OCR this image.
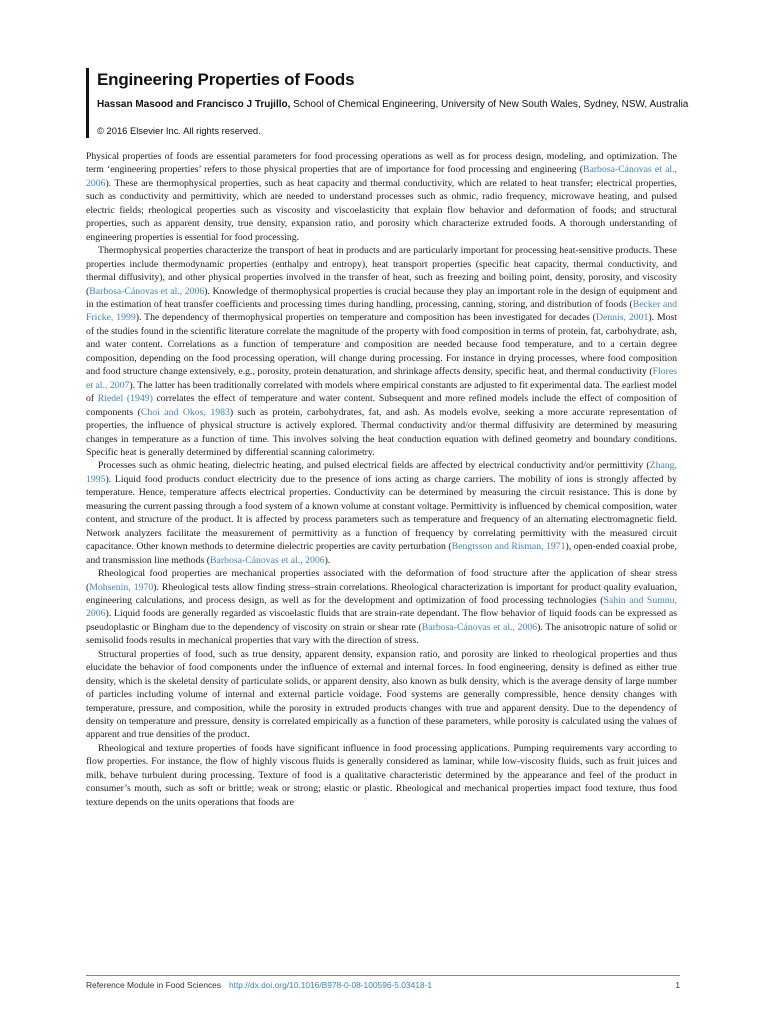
Engineering Properties of Foods
Hassan Masood and Francisco J Trujillo, School of Chemical Engineering, University of New South Wales, Sydney, NSW, Australia
© 2016 Elsevier Inc. All rights reserved.

Physical properties of foods are essential parameters for food processing operations as well as for process design, modeling, and optimization. The term ‘engineering properties’ refers to those physical properties that are of importance for food processing and engineering (Barbosa-Cánovas et al., 2006). These are thermophysical properties, such as heat capacity and thermal conductivity, which are related to heat transfer; electrical properties, such as conductivity and permittivity, which are needed to understand processes such as ohmic, radio frequency, microwave heating, and pulsed electric fields; rheological properties such as viscosity and viscoelasticity that explain flow behavior and deformation of foods; and structural properties, such as apparent density, true density, expansion ratio, and porosity which characterize extruded foods. A thorough understanding of engineering properties is essential for food processing.

Thermophysical properties characterize the transport of heat in products and are particularly important for processing heat-sensitive products. These properties include thermodynamic properties (enthalpy and entropy), heat transport properties (specific heat capacity, thermal conductivity, and thermal diffusivity), and other physical properties involved in the transfer of heat, such as freezing and boiling point, density, porosity, and viscosity (Barbosa-Cánovas et al., 2006). Knowledge of thermophysical properties is crucial because they play an important role in the design of equipment and in the estimation of heat transfer coefficients and processing times during handling, processing, canning, storing, and distribution of foods (Becker and Fricke, 1999). The dependency of thermophysical properties on temperature and composition has been investigated for decades (Dennis, 2001). Most of the studies found in the scientific literature correlate the magnitude of the property with food composition in terms of protein, fat, carbohydrate, ash, and water content. Correlations as a function of temperature and composition are needed because food temperature, and to a certain degree composition, depending on the food processing operation, will change during processing. For instance in drying processes, where food composition and food structure change extensively, e.g., porosity, protein denaturation, and shrinkage affects density, specific heat, and thermal conductivity (Flores et al., 2007). The latter has been traditionally correlated with models where empirical constants are adjusted to fit experimental data. The earliest model of Riedel (1949) correlates the effect of temperature and water content. Subsequent and more refined models include the effect of composition of components (Choi and Okos, 1983) such as protein, carbohydrates, fat, and ash. As models evolve, seeking a more accurate representation of properties, the influence of physical structure is actively explored. Thermal conductivity and/or thermal diffusivity are determined by measuring changes in temperature as a function of time. This involves solving the heat conduction equation with defined geometry and boundary conditions. Specific heat is generally determined by differential scanning calorimetry.

Processes such as ohmic heating, dielectric heating, and pulsed electrical fields are affected by electrical conductivity and/or permittivity (Zhang, 1995). Liquid food products conduct electricity due to the presence of ions acting as charge carriers. The mobility of ions is strongly affected by temperature. Hence, temperature affects electrical properties. Conductivity can be determined by measuring the circuit resistance. This is done by measuring the current passing through a food system of a known volume at constant voltage. Permittivity is influenced by chemical composition, water content, and structure of the product. It is affected by process parameters such as temperature and frequency of an alternating electromagnetic field. Network analyzers facilitate the measurement of permittivity as a function of frequency by correlating permittivity with the measured circuit capacitance. Other known methods to determine dielectric properties are cavity perturbation (Bengtsson and Risman, 1971), open-ended coaxial probe, and transmission line methods (Barbosa-Cánovas et al., 2006).

Rheological food properties are mechanical properties associated with the deformation of food structure after the application of shear stress (Mohsenin, 1970). Rheological tests allow finding stress–strain correlations. Rheological characterization is important for product quality evaluation, engineering calculations, and process design, as well as for the development and optimization of food processing technologies (Sahin and Sumnu, 2006). Liquid foods are generally regarded as viscoelastic fluids that are strain-rate dependant. The flow behavior of liquid foods can be expressed as pseudoplastic or Bingham due to the dependency of viscosity on strain or shear rate (Barbosa-Cánovas et al., 2006). The anisotropic nature of solid or semisolid foods results in mechanical properties that vary with the direction of stress.

Structural properties of food, such as true density, apparent density, expansion ratio, and porosity are linked to rheological properties and thus elucidate the behavior of food components under the influence of external and internal forces. In food engineering, density is defined as either true density, which is the skeletal density of particulate solids, or apparent density, also known as bulk density, which is the average density of large number of particles including volume of internal and external particle voidage. Food systems are generally compressible, hence density changes with temperature, pressure, and composition, while the porosity in extruded products changes with true and apparent density. Due to the dependency of density on temperature and pressure, density is correlated empirically as a function of these parameters, while porosity is calculated using the values of apparent and true densities of the product.

Rheological and texture properties of foods have significant influence in food processing applications. Pumping requirements vary according to flow properties. For instance, the flow of highly viscous fluids is generally considered as laminar, while low-viscosity fluids, such as fruit juices and milk, behave turbulent during processing. Texture of food is a qualitative characteristic determined by the appearance and feel of the product in consumer’s mouth, such as soft or brittle; weak or strong; elastic or plastic. Rheological and mechanical properties impact food texture, thus food texture depends on the units operations that foods are

Reference Module in Food Sciences http://dx.doi.org/10.1016/B978-0-08-100596-5.03418-1	1
